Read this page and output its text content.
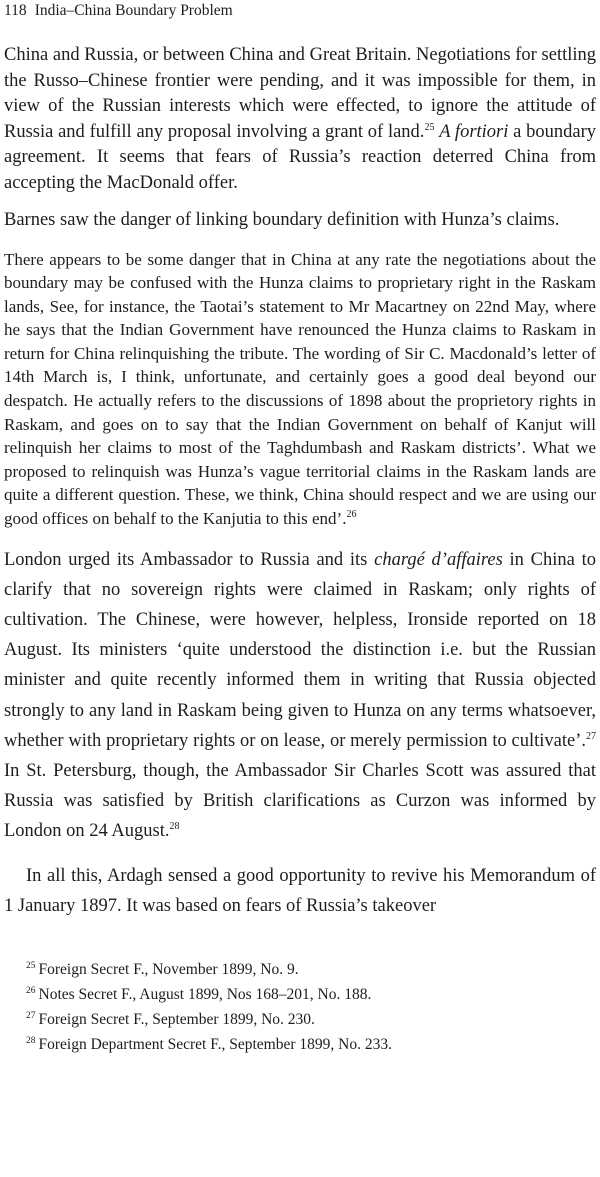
118 India–China Boundary Problem

China and Russia, or between China and Great Britain. Negotiations for settling the Russo–Chinese frontier were pending, and it was impossible for them, in view of the Russian interests which were effected, to ignore the attitude of Russia and fulfill any proposal involving a grant of land.$^{25}$ A fortiori a boundary agreement. It seems that fears of Russia’s reaction deterred China from accepting the MacDonald offer.

Barnes saw the danger of linking boundary definition with Hunza’s claims.

There appears to be some danger that in China at any rate the negotiations about the boundary may be confused with the Hunza claims to proprietary right in the Raskam lands, See, for instance, the Taotai’s statement to Mr Macartney on 22nd May, where he says that the Indian Government have renounced the Hunza claims to Raskam in return for China relinquishing the tribute. The wording of Sir C. Macdonald’s letter of 14th March is, I think, unfortunate, and certainly goes a good deal beyond our despatch. He actually refers to the discussions of 1898 about the proprietory rights in Raskam, and goes on to say that the Indian Government on behalf of Kanjut will relinquish her claims to most of the Taghdumbash and Raskam districts’. What we proposed to relinquish was Hunza’s vague territorial claims in the Raskam lands are quite a different question. These, we think, China should respect and we are using our good offices on behalf to the Kanjutia to this end’.$^{26}$

London urged its Ambassador to Russia and its chargé d’affaires in China to clarify that no sovereign rights were claimed in Raskam; only rights of cultivation. The Chinese, were however, helpless, Ironside reported on 18 August. Its ministers ‘quite understood the distinction i.e. but the Russian minister and quite recently informed them in writing that Russia objected strongly to any land in Raskam being given to Hunza on any terms whatsoever, whether with proprietary rights or on lease, or merely permission to cultivate’.$^{27}$ In St. Petersburg, though, the Ambassador Sir Charles Scott was assured that Russia was satisfied by British clarifications as Curzon was informed by London on 24 August.$^{28}$

In all this, Ardagh sensed a good opportunity to revive his Memorandum of 1 January 1897. It was based on fears of Russia’s takeover

$^{25}$ Foreign Secret F., November 1899, No. 9.
$^{26}$ Notes Secret F., August 1899, Nos 168–201, No. 188.
$^{27}$ Foreign Secret F., September 1899, No. 230.
$^{28}$ Foreign Department Secret F., September 1899, No. 233.
